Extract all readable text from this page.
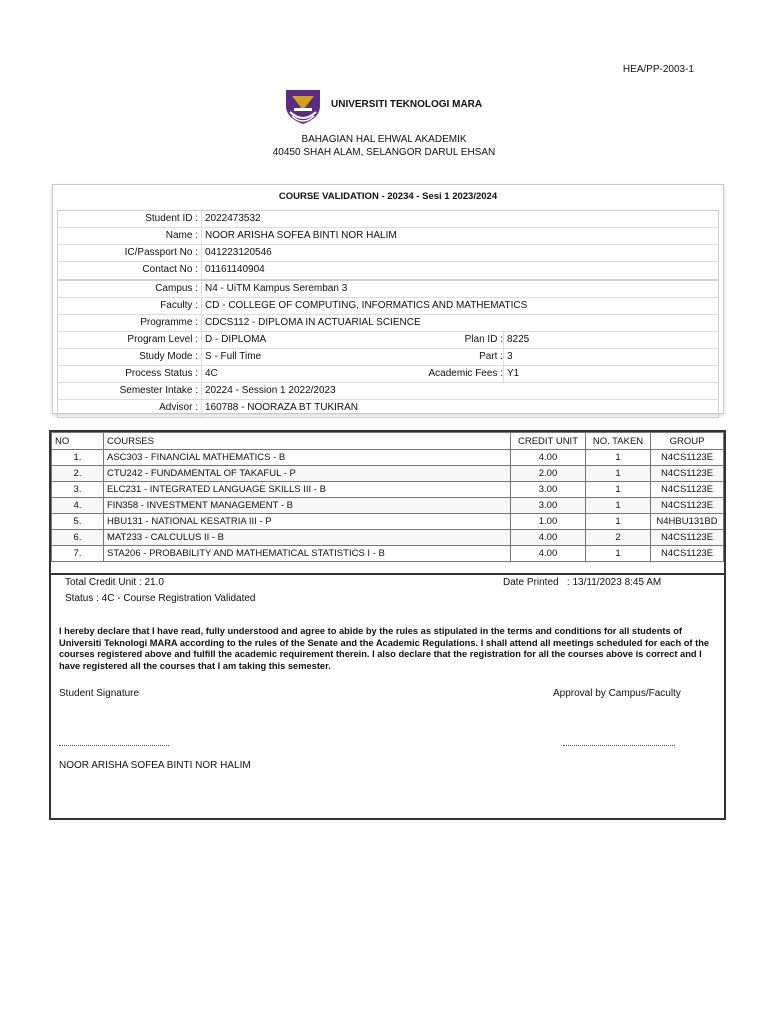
HEA/PP-2003-1
UNIVERSITI TEKNOLOGI MARA
BAHAGIAN HAL EHWAL AKADEMIK
40450 SHAH ALAM, SELANGOR DARUL EHSAN
COURSE VALIDATION - 20234 - Sesi 1 2023/2024
Student ID : 2022473532
Name : NOOR ARISHA SOFEA BINTI NOR HALIM
IC/Passport No : 041223120546
Contact No : 01161140904
Campus : N4 - UiTM Kampus Seremban 3
Faculty : CD - COLLEGE OF COMPUTING, INFORMATICS AND MATHEMATICS
Programme : CDCS112 - DIPLOMA IN ACTUARIAL SCIENCE
Program Level : D - DIPLOMA	Plan ID : 8225
Study Mode : S - Full Time	Part : 3
Process Status : 4C	Academic Fees : Y1
Semester Intake : 20224 - Session 1 2022/2023
Advisor : 160788 - NOORAZA BT TUKIRAN
NO	COURSES	CREDIT UNIT	NO. TAKEN	GROUP
1.	ASC303 - FINANCIAL MATHEMATICS - B	4.00	1	N4CS1123E
2.	CTU242 - FUNDAMENTAL OF TAKAFUL - P	2.00	1	N4CS1123E
3.	ELC231 - INTEGRATED LANGUAGE SKILLS III - B	3.00	1	N4CS1123E
4.	FIN358 - INVESTMENT MANAGEMENT - B	3.00	1	N4CS1123E
5.	HBU131 - NATIONAL KESATRIA III - P	1.00	1	N4HBU131BD
6.	MAT233 - CALCULUS II - B	4.00	2	N4CS1123E
7.	STA206 - PROBABILITY AND MATHEMATICAL STATISTICS I - B	4.00	1	N4CS1123E
Total Credit Unit : 21.0	Date Printed   : 13/11/2023 8:45 AM
Status : 4C - Course Registration Validated
I hereby declare that I have read, fully understood and agree to abide by the rules as stipulated in the terms and conditions for all students of Universiti Teknologi MARA according to the rules of the Senate and the Academic Regulations. I shall attend all meetings scheduled for each of the courses registered above and fulfill the academic requirement therein. I also declare that the registration for all the courses above is correct and I have registered all the courses that I am taking this semester.
Student Signature	Approval by Campus/Faculty
NOOR ARISHA SOFEA BINTI NOR HALIM
